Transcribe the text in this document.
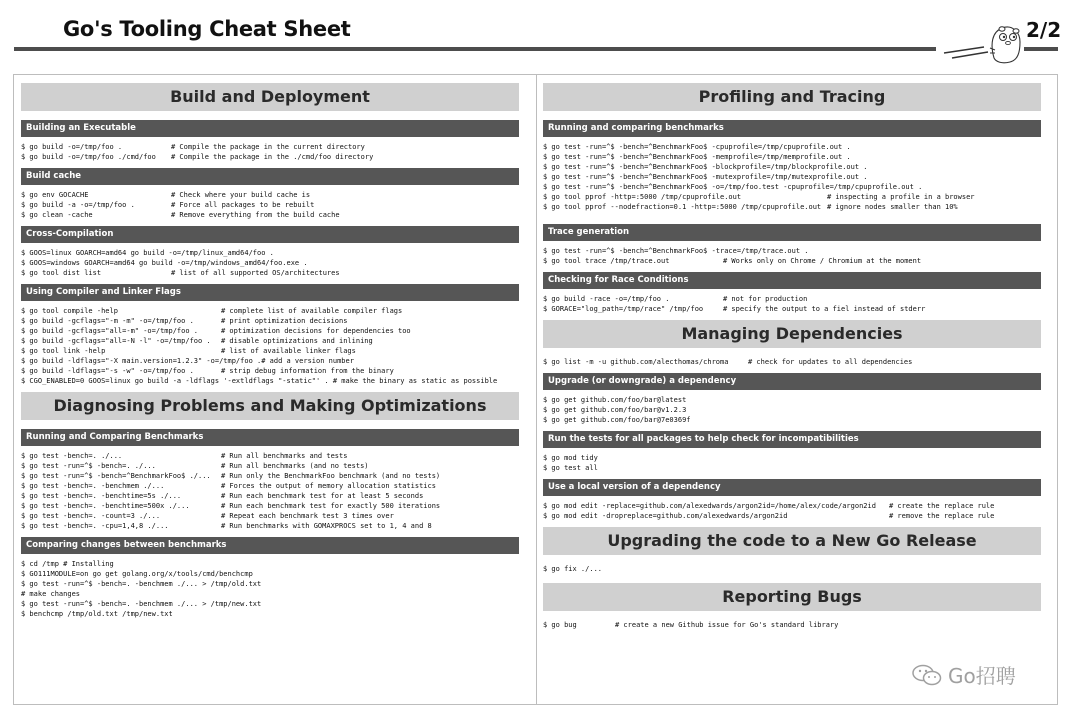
Go's Tooling Cheat Sheet	2/2
Build and Deployment
Building an Executable
$ go build -o=/tmp/foo .	# Compile the package in the current directory
$ go build -o=/tmp/foo ./cmd/foo	# Compile the package in the ./cmd/foo directory
Build cache
$ go env GOCACHE	# Check where your build cache is
$ go build -a -o=/tmp/foo .	# Force all packages to be rebuilt
$ go clean -cache	# Remove everything from the build cache
Cross-Compilation
$ GOOS=linux GOARCH=amd64 go build -o=/tmp/linux_amd64/foo .
$ GOOS=windows GOARCH=amd64 go build -o=/tmp/windows_amd64/foo.exe .
$ go tool dist list	# list of all supported OS/architectures
Using Compiler and Linker Flags
$ go tool compile -help	# complete list of available compiler flags
$ go build -gcflags="-m -m" -o=/tmp/foo .	# print optimization decisions
$ go build -gcflags="all=-m" -o=/tmp/foo .	# optimization decisions for dependencies too
$ go build -gcflags="all=-N -l" -o=/tmp/foo .	# disable optimizations and inlining
$ go tool link -help	# list of available linker flags
$ go build -ldflags="-X main.version=1.2.3" -o=/tmp/foo . # add a version number
$ go build -ldflags="-s -w" -o=/tmp/foo .	# strip debug information from the binary
$ CGO_ENABLED=0 GOOS=linux go build -a -ldflags '-extldflags "-static"' . # make the binary as static as possible
Diagnosing Problems and Making Optimizations
Running and Comparing Benchmarks
$ go test -bench=. ./...	# Run all benchmarks and tests
$ go test -run=^$ -bench=. ./...	# Run all benchmarks (and no tests)
$ go test -run=^$ -bench=^BenchmarkFoo$ ./...	# Run only the BenchmarkFoo benchmark (and no tests)
$ go test -bench=. -benchmem ./...	# Forces the output of memory allocation statistics
$ go test -bench=. -benchtime=5s ./...	# Run each benchmark test for at least 5 seconds
$ go test -bench=. -benchtime=500x ./...	# Run each benchmark test for exactly 500 iterations
$ go test -bench=. -count=3 ./...	# Repeat each benchmark test 3 times over
$ go test -bench=. -cpu=1,4,8 ./...	# Run benchmarks with GOMAXPROCS set to 1, 4 and 8
Comparing changes between benchmarks
$ cd /tmp # Installing
$ GO111MODULE=on go get golang.org/x/tools/cmd/benchcmp
$ go test -run=^$ -bench=. -benchmem ./... > /tmp/old.txt
# make changes
$ go test -run=^$ -bench=. -benchmem ./... > /tmp/new.txt
$ benchcmp /tmp/old.txt /tmp/new.txt
Profiling and Tracing
Running and comparing benchmarks
$ go test -run=^$ -bench=^BenchmarkFoo$ -cpuprofile=/tmp/cpuprofile.out .
$ go test -run=^$ -bench=^BenchmarkFoo$ -memprofile=/tmp/memprofile.out .
$ go test -run=^$ -bench=^BenchmarkFoo$ -blockprofile=/tmp/blockprofile.out .
$ go test -run=^$ -bench=^BenchmarkFoo$ -mutexprofile=/tmp/mutexprofile.out .
$ go test -run=^$ -bench=^BenchmarkFoo$ -o=/tmp/foo.test -cpuprofile=/tmp/cpuprofile.out .
$ go tool pprof -http=:5000 /tmp/cpuprofile.out	# inspecting a profile in a browser
$ go tool pprof --nodefraction=0.1 -http=:5000 /tmp/cpuprofile.out # ignore nodes smaller than 10%
Trace generation
$ go test -run=^$ -bench=^BenchmarkFoo$ -trace=/tmp/trace.out .
$ go tool trace /tmp/trace.out	# Works only on Chrome / Chromium at the moment
Checking for Race Conditions
$ go build -race -o=/tmp/foo .	# not for production
$ GORACE="log_path=/tmp/race" /tmp/foo	# specify the output to a fiel instead of stderr
Managing Dependencies
$ go list -m -u github.com/alecthomas/chroma	# check for updates to all dependencies
Upgrade (or downgrade) a dependency
$ go get github.com/foo/bar@latest
$ go get github.com/foo/bar@v1.2.3
$ go get github.com/foo/bar@7e0369f
Run the tests for all packages to help check for incompatibilities
$ go mod tidy
$ go test all
Use a local version of a dependency
$ go mod edit -replace=github.com/alexedwards/argon2id=/home/alex/code/argon2id	# create the replace rule
$ go mod edit -dropreplace=github.com/alexedwards/argon2id	# remove the replace rule
Upgrading the code to a New Go Release
$ go fix ./...
Reporting Bugs
$ go bug	# create a new Github issue for Go's standard library
Go招聘
